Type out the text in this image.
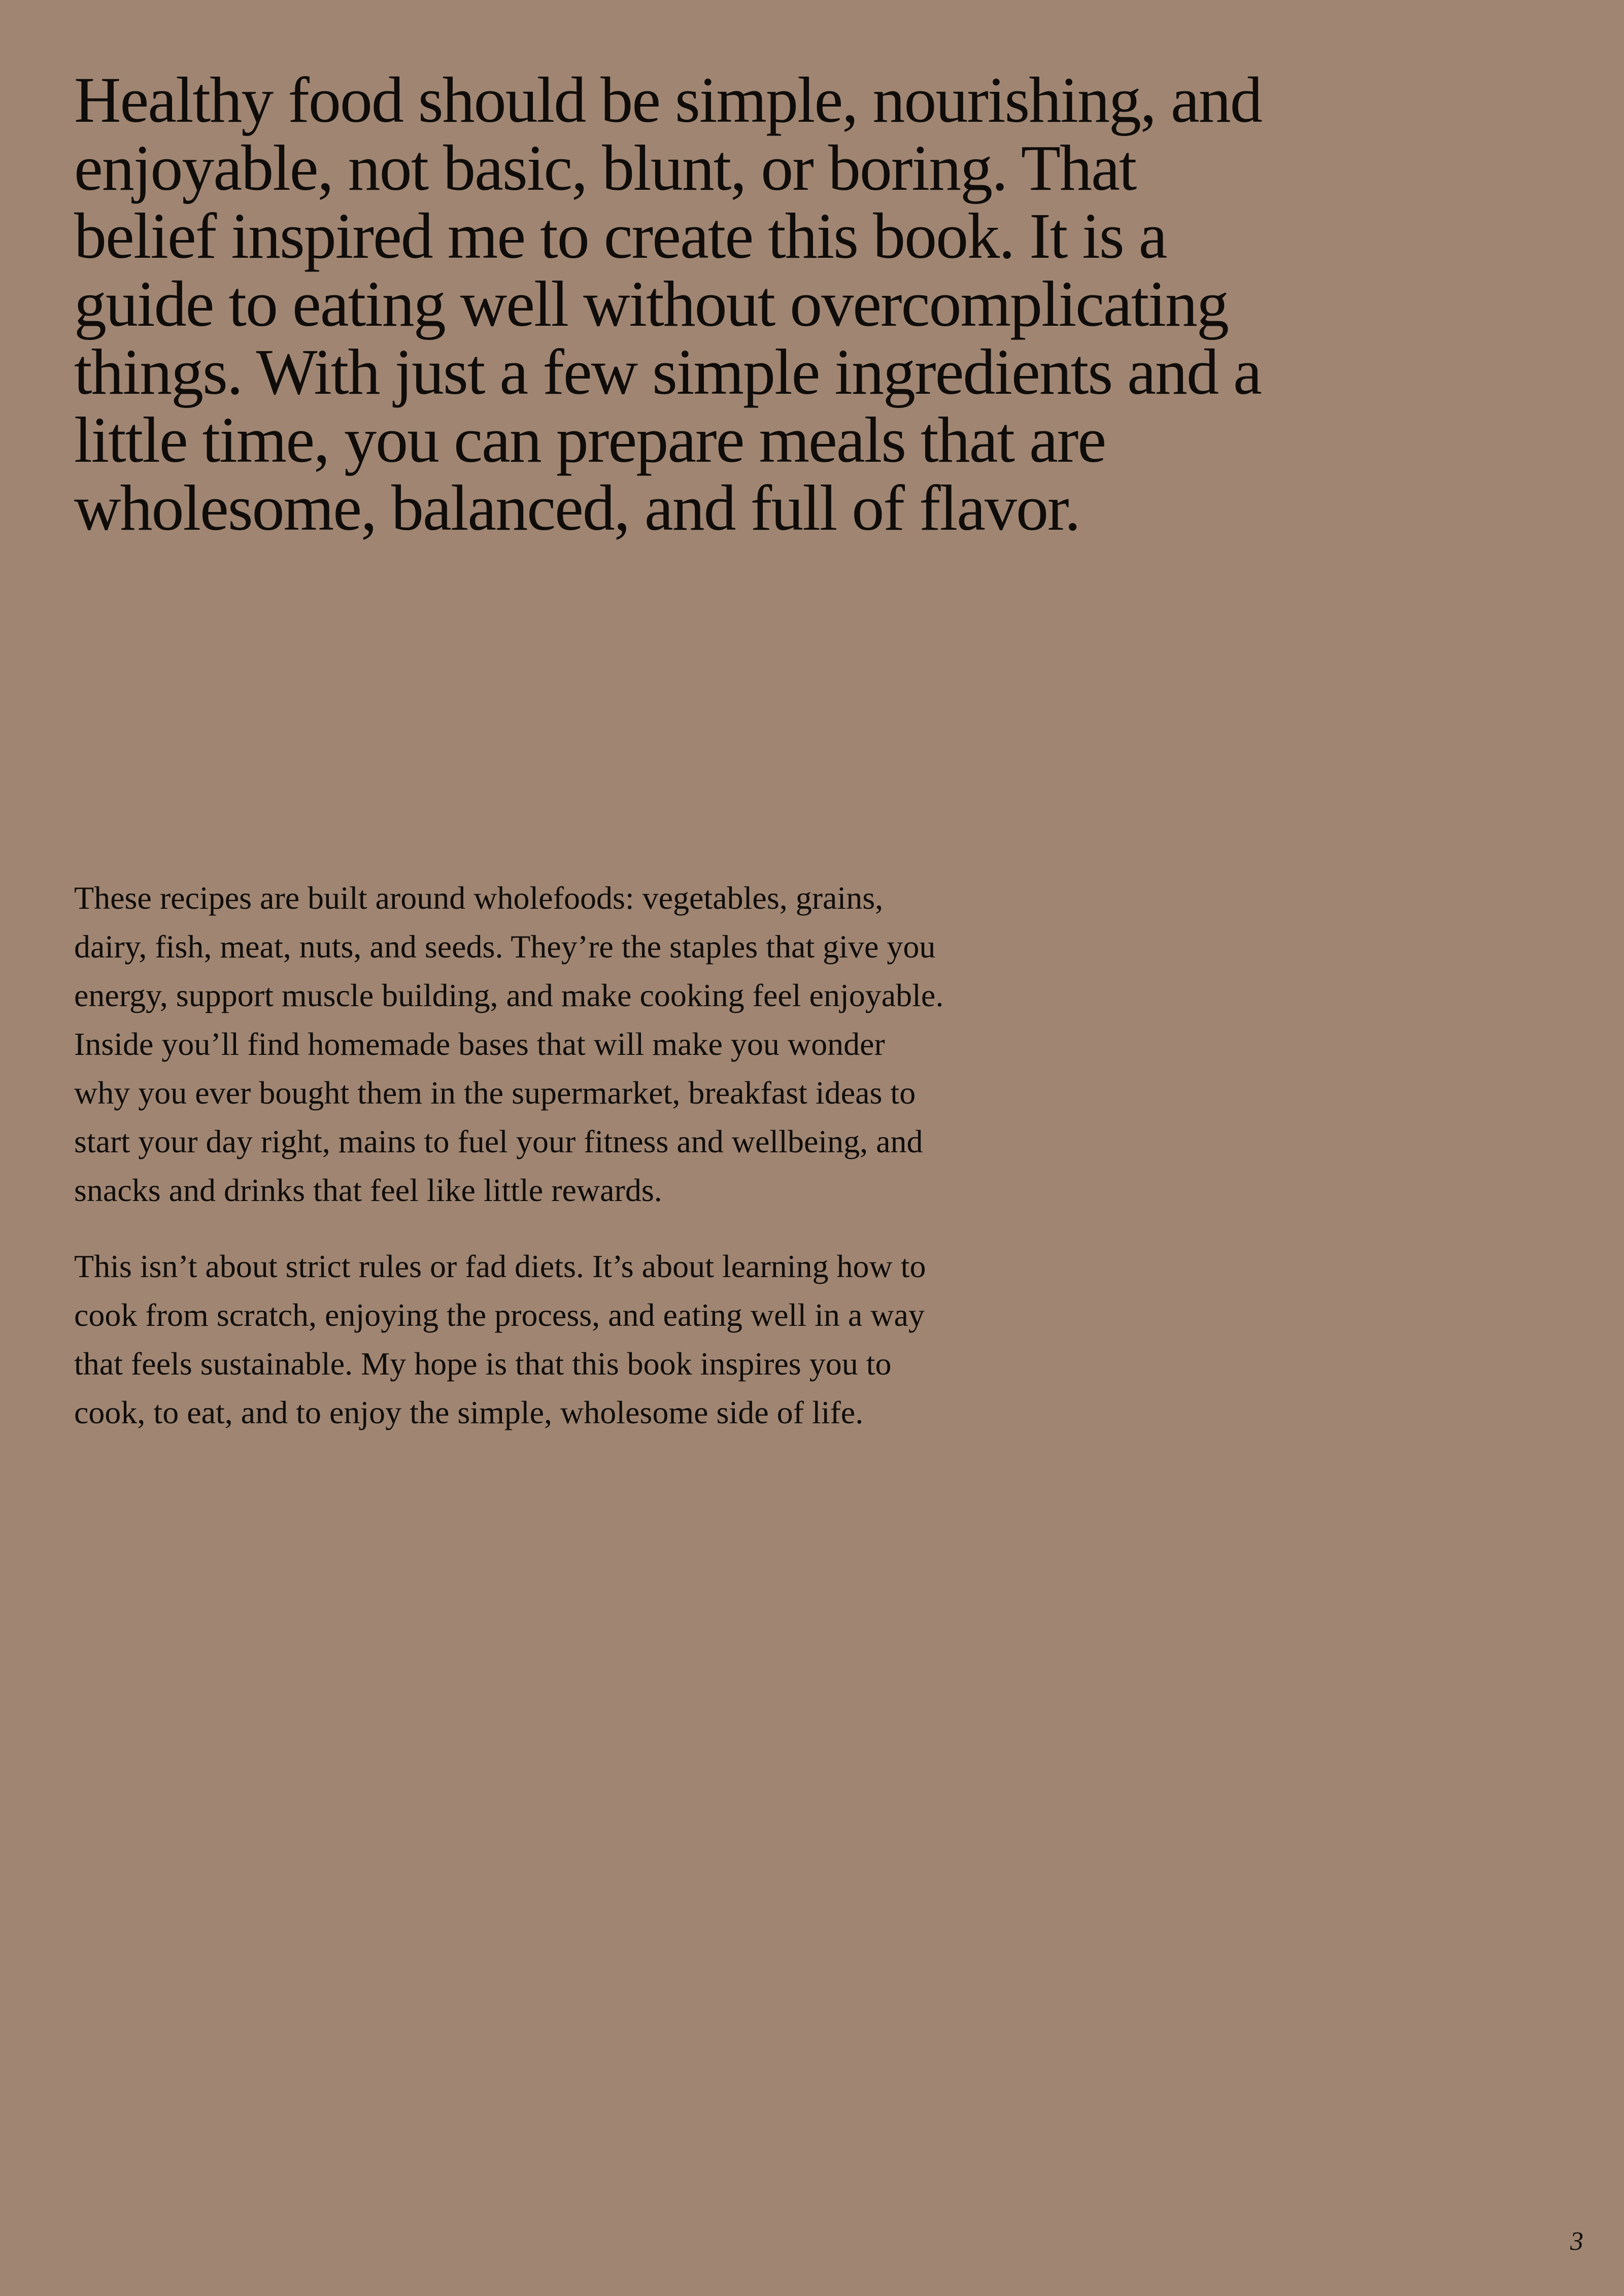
Healthy food should be simple, nourishing, and enjoyable, not basic, blunt, or boring. That belief inspired me to create this book. It is a guide to eating well without overcomplicating things. With just a few simple ingredients and a little time, you can prepare meals that are wholesome, balanced, and full of flavor.

These recipes are built around wholefoods: vegetables, grains, dairy, fish, meat, nuts, and seeds. They’re the staples that give you energy, support muscle building, and make cooking feel enjoyable. Inside you’ll find homemade bases that will make you wonder why you ever bought them in the supermarket, breakfast ideas to start your day right, mains to fuel your fitness and wellbeing, and snacks and drinks that feel like little rewards.

This isn’t about strict rules or fad diets. It’s about learning how to cook from scratch, enjoying the process, and eating well in a way that feels sustainable. My hope is that this book inspires you to cook, to eat, and to enjoy the simple, wholesome side of life.

3
